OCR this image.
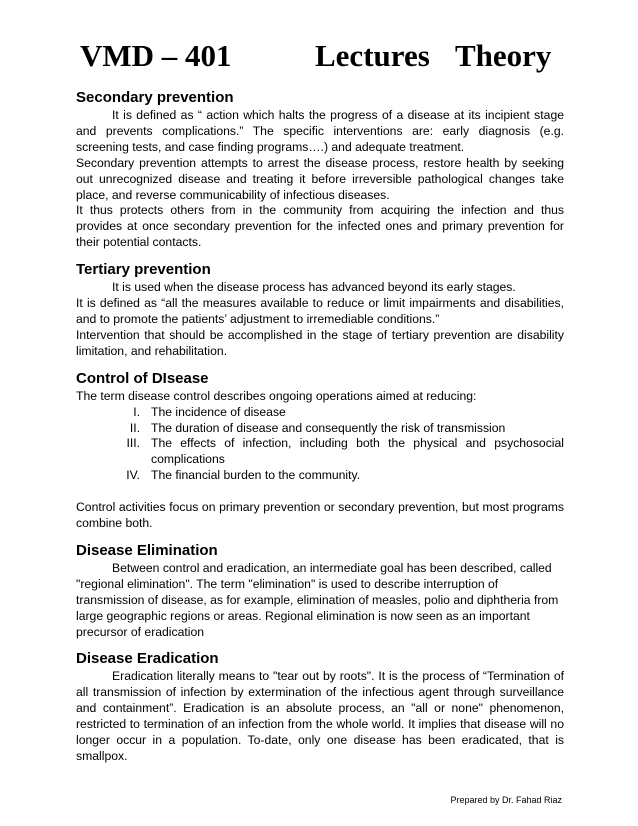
VMD – 401	Lectures Theory
Secondary prevention

It is defined as “ action which halts the progress of a disease at its incipient stage and prevents complications.” The specific interventions are: early diagnosis (e.g. screening tests, and case finding programs….) and adequate treatment.

Secondary prevention attempts to arrest the disease process, restore health by seeking out unrecognized disease and treating it before irreversible pathological changes take place, and reverse communicability of infectious diseases.

It thus protects others from in the community from acquiring the infection and thus provides at once secondary prevention for the infected ones and primary prevention for their potential contacts.

Tertiary prevention

It is used when the disease process has advanced beyond its early stages.

It is defined as “all the measures available to reduce or limit impairments and disabilities, and to promote the patients’ adjustment to irremediable conditions.”

Intervention that should be accomplished in the stage of tertiary prevention are disability limitation, and rehabilitation.

Control of DIsease

The term disease control describes ongoing operations aimed at reducing:

I. The incidence of disease
II. The duration of disease and consequently the risk of transmission
III. The effects of infection, including both the physical and psychosocial complications
IV. The financial burden to the community.

Control activities focus on primary prevention or secondary prevention, but most programs combine both.

Disease Elimination

Between control and eradication, an intermediate goal has been described, called "regional elimination". The term "elimination" is used to describe interruption of transmission of disease, as for example, elimination of measles, polio and diphtheria from large geographic regions or areas. Regional elimination is now seen as an important precursor of eradication

Disease Eradication

Eradication literally means to "tear out by roots". It is the process of “Termination of all transmission of infection by extermination of the infectious agent through surveillance and containment”. Eradication is an absolute process, an "all or none" phenomenon, restricted to termination of an infection from the whole world. It implies that disease will no longer occur in a population. To-date, only one disease has been eradicated, that is smallpox.

Prepared by Dr. Fahad Riaz
